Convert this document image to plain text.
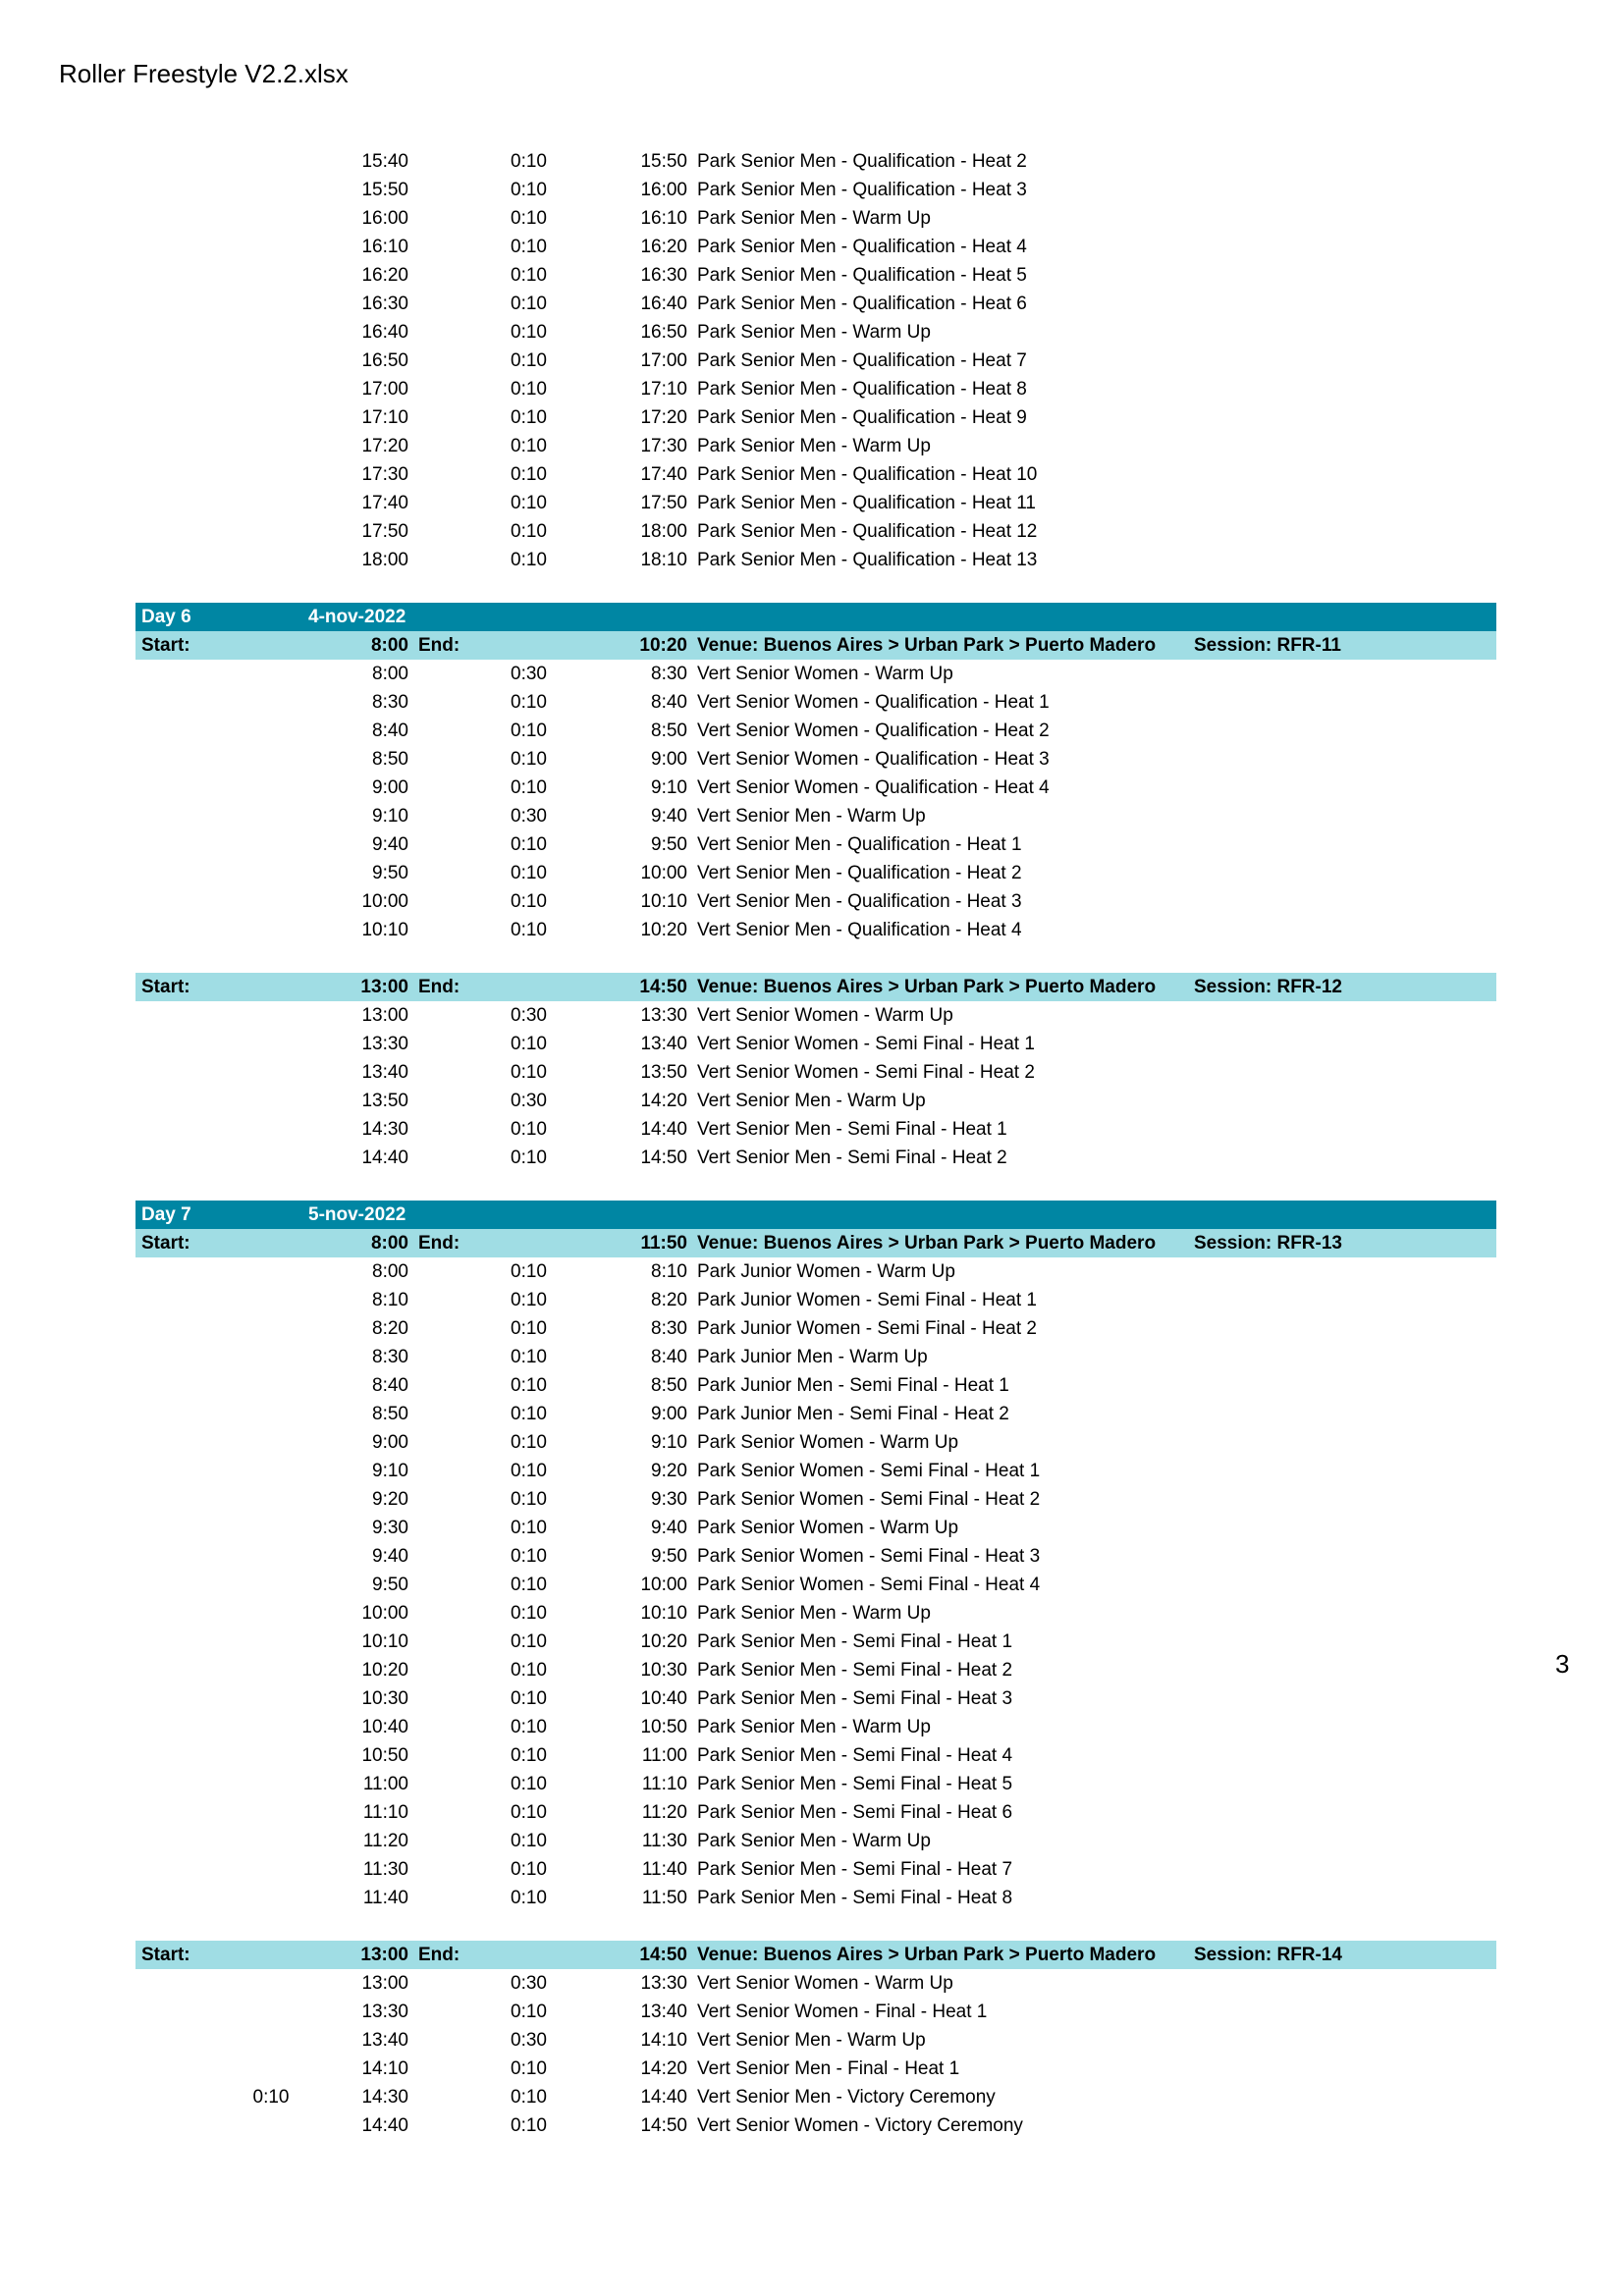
Roller Freestyle V2.2.xlsx
15:40	0:10	15:50 Park Senior Men - Qualification - Heat 2
15:50	0:10	16:00 Park Senior Men - Qualification - Heat 3
16:00	0:10	16:10 Park Senior Men - Warm Up
16:10	0:10	16:20 Park Senior Men - Qualification - Heat 4
16:20	0:10	16:30 Park Senior Men - Qualification - Heat 5
16:30	0:10	16:40 Park Senior Men - Qualification - Heat 6
16:40	0:10	16:50 Park Senior Men - Warm Up
16:50	0:10	17:00 Park Senior Men - Qualification - Heat 7
17:00	0:10	17:10 Park Senior Men - Qualification - Heat 8
17:10	0:10	17:20 Park Senior Men - Qualification - Heat 9
17:20	0:10	17:30 Park Senior Men - Warm Up
17:30	0:10	17:40 Park Senior Men - Qualification - Heat 10
17:40	0:10	17:50 Park Senior Men - Qualification - Heat 11
17:50	0:10	18:00 Park Senior Men - Qualification - Heat 12
18:00	0:10	18:10 Park Senior Men - Qualification - Heat 13
Day 6	4-nov-2022
Start:	8:00 End:	10:20 Venue: Buenos Aires > Urban Park > Puerto Madero Session: RFR-11
8:00	0:30	8:30 Vert Senior Women - Warm Up
8:30	0:10	8:40 Vert Senior Women - Qualification - Heat 1
8:40	0:10	8:50 Vert Senior Women - Qualification - Heat 2
8:50	0:10	9:00 Vert Senior Women - Qualification - Heat 3
9:00	0:10	9:10 Vert Senior Women - Qualification - Heat 4
9:10	0:30	9:40 Vert Senior Men - Warm Up
9:40	0:10	9:50 Vert Senior Men - Qualification - Heat 1
9:50	0:10	10:00 Vert Senior Men - Qualification - Heat 2
10:00	0:10	10:10 Vert Senior Men - Qualification - Heat 3
10:10	0:10	10:20 Vert Senior Men - Qualification - Heat 4
Start:	13:00 End:	14:50 Venue: Buenos Aires > Urban Park > Puerto Madero Session: RFR-12
13:00	0:30	13:30 Vert Senior Women - Warm Up
13:30	0:10	13:40 Vert Senior Women - Semi Final - Heat 1
13:40	0:10	13:50 Vert Senior Women - Semi Final - Heat 2
13:50	0:30	14:20 Vert Senior Men - Warm Up
14:30	0:10	14:40 Vert Senior Men - Semi Final - Heat 1
14:40	0:10	14:50 Vert Senior Men - Semi Final - Heat 2
Day 7	5-nov-2022
Start:	8:00 End:	11:50 Venue: Buenos Aires > Urban Park > Puerto Madero Session: RFR-13
8:00	0:10	8:10 Park Junior Women - Warm Up
8:10	0:10	8:20 Park Junior Women - Semi Final - Heat 1
8:20	0:10	8:30 Park Junior Women - Semi Final - Heat 2
8:30	0:10	8:40 Park Junior Men - Warm Up
8:40	0:10	8:50 Park Junior Men - Semi Final - Heat 1
8:50	0:10	9:00 Park Junior Men - Semi Final - Heat 2
9:00	0:10	9:10 Park Senior Women - Warm Up
9:10	0:10	9:20 Park Senior Women - Semi Final - Heat 1
9:20	0:10	9:30 Park Senior Women - Semi Final - Heat 2
9:30	0:10	9:40 Park Senior Women - Warm Up
9:40	0:10	9:50 Park Senior Women - Semi Final - Heat 3
9:50	0:10	10:00 Park Senior Women - Semi Final - Heat 4
10:00	0:10	10:10 Park Senior Men - Warm Up
10:10	0:10	10:20 Park Senior Men - Semi Final - Heat 1
10:20	0:10	10:30 Park Senior Men - Semi Final - Heat 2
10:30	0:10	10:40 Park Senior Men - Semi Final - Heat 3
10:40	0:10	10:50 Park Senior Men - Warm Up
10:50	0:10	11:00 Park Senior Men - Semi Final - Heat 4
11:00	0:10	11:10 Park Senior Men - Semi Final - Heat 5
11:10	0:10	11:20 Park Senior Men - Semi Final - Heat 6
11:20	0:10	11:30 Park Senior Men - Warm Up
11:30	0:10	11:40 Park Senior Men - Semi Final - Heat 7
11:40	0:10	11:50 Park Senior Men - Semi Final - Heat 8
Start:	13:00 End:	14:50 Venue: Buenos Aires > Urban Park > Puerto Madero Session: RFR-14
13:00	0:30	13:30 Vert Senior Women - Warm Up
13:30	0:10	13:40 Vert Senior Women - Final - Heat 1
13:40	0:30	14:10 Vert Senior Men - Warm Up
14:10	0:10	14:20 Vert Senior Men - Final - Heat 1
0:10	14:30	0:10	14:40 Vert Senior Men - Victory Ceremony
14:40	0:10	14:50 Vert Senior Women - Victory Ceremony
3
